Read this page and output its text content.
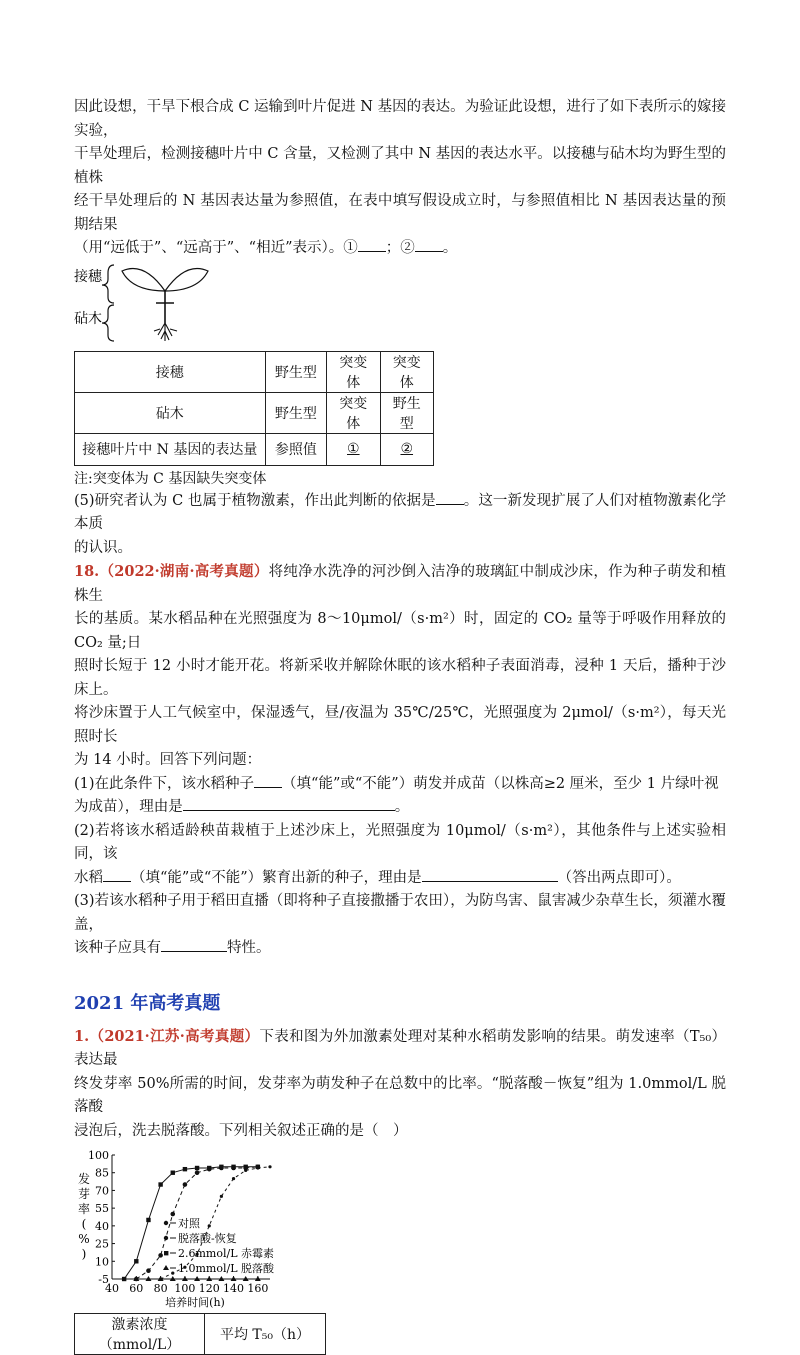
因此设想，干旱下根合成 C 运输到叶片促进 N 基因的表达。为验证此设想，进行了如下表所示的嫁接实验，

干旱处理后，检测接穗叶片中 C 含量，又检测了其中 N 基因的表达水平。以接穗与砧木均为野生型的植株

经干旱处理后的 N 基因表达量为参照值，在表中填写假设成立时，与参照值相比 N 基因表达量的预期结果

（用“远低于”、“远高于”、“相近”表示）。① ；② 。

接穗
砧木
接穗	野生型	突变体	突变体
砧木	野生型	突变体	野生型
接穗叶片中 N 基因的表达量	参照值	①	②

注:突变体为 C 基因缺失突变体

(5)研究者认为 C 也属于植物激素，作出此判断的依据是 。这一新发现扩展了人们对植物激素化学本质

的认识。

18.（2022·湖南·高考真题）将纯净水洗净的河沙倒入洁净的玻璃缸中制成沙床，作为种子萌发和植株生

长的基质。某水稻品种在光照强度为 8～10μmol/（s·m²）时，固定的 CO₂ 量等于呼吸作用释放的 CO₂ 量;日

照时长短于 12 小时才能开花。将新采收并解除休眠的该水稻种子表面消毒，浸种 1 天后，播种于沙床上。

将沙床置于人工气候室中，保湿透气，昼/夜温为 35℃/25℃，光照强度为 2μmol/（s·m²），每天光照时长

为 14 小时。回答下列问题：

(1)在此条件下，该水稻种子 （填“能”或“不能”）萌发并成苗（以株高≥2 厘米，至少 1 片绿叶视

为成苗），理由是	。

(2)若将该水稻适龄秧苗栽植于上述沙床上，光照强度为 10μmol/（s·m²），其他条件与上述实验相同，该

水稻 （填“能”或“不能”）繁育出新的种子，理由是	（答出两点即可）。

(3)若该水稻种子用于稻田直播（即将种子直接撒播于农田），为防鸟害、鼠害减少杂草生长，须灌水覆盖，

该种子应具有	特性。

2021 年高考真题

1.（2021·江苏·高考真题）下表和图为外加激素处理对某种水稻萌发影响的结果。萌发速率（T₅₀）表达最

终发芽率 50%所需的时间，发芽率为萌发种子在总数中的比率。“脱落酸－恢复”组为 1.0mmol/L 脱落酸

浸泡后，洗去脱落酸。下列相关叙述正确的是（　）

-5
10
25
40
55
70
85
100
40 60 80 100 120 140 160
培养时间(h)
发
芽
率
(
%
)
对照
脱落酸-恢复
2.6mmol/L 赤霉素
1.0mmol/L 脱落酸
激素浓度（mmol/L）	平均 T₅₀（h）
